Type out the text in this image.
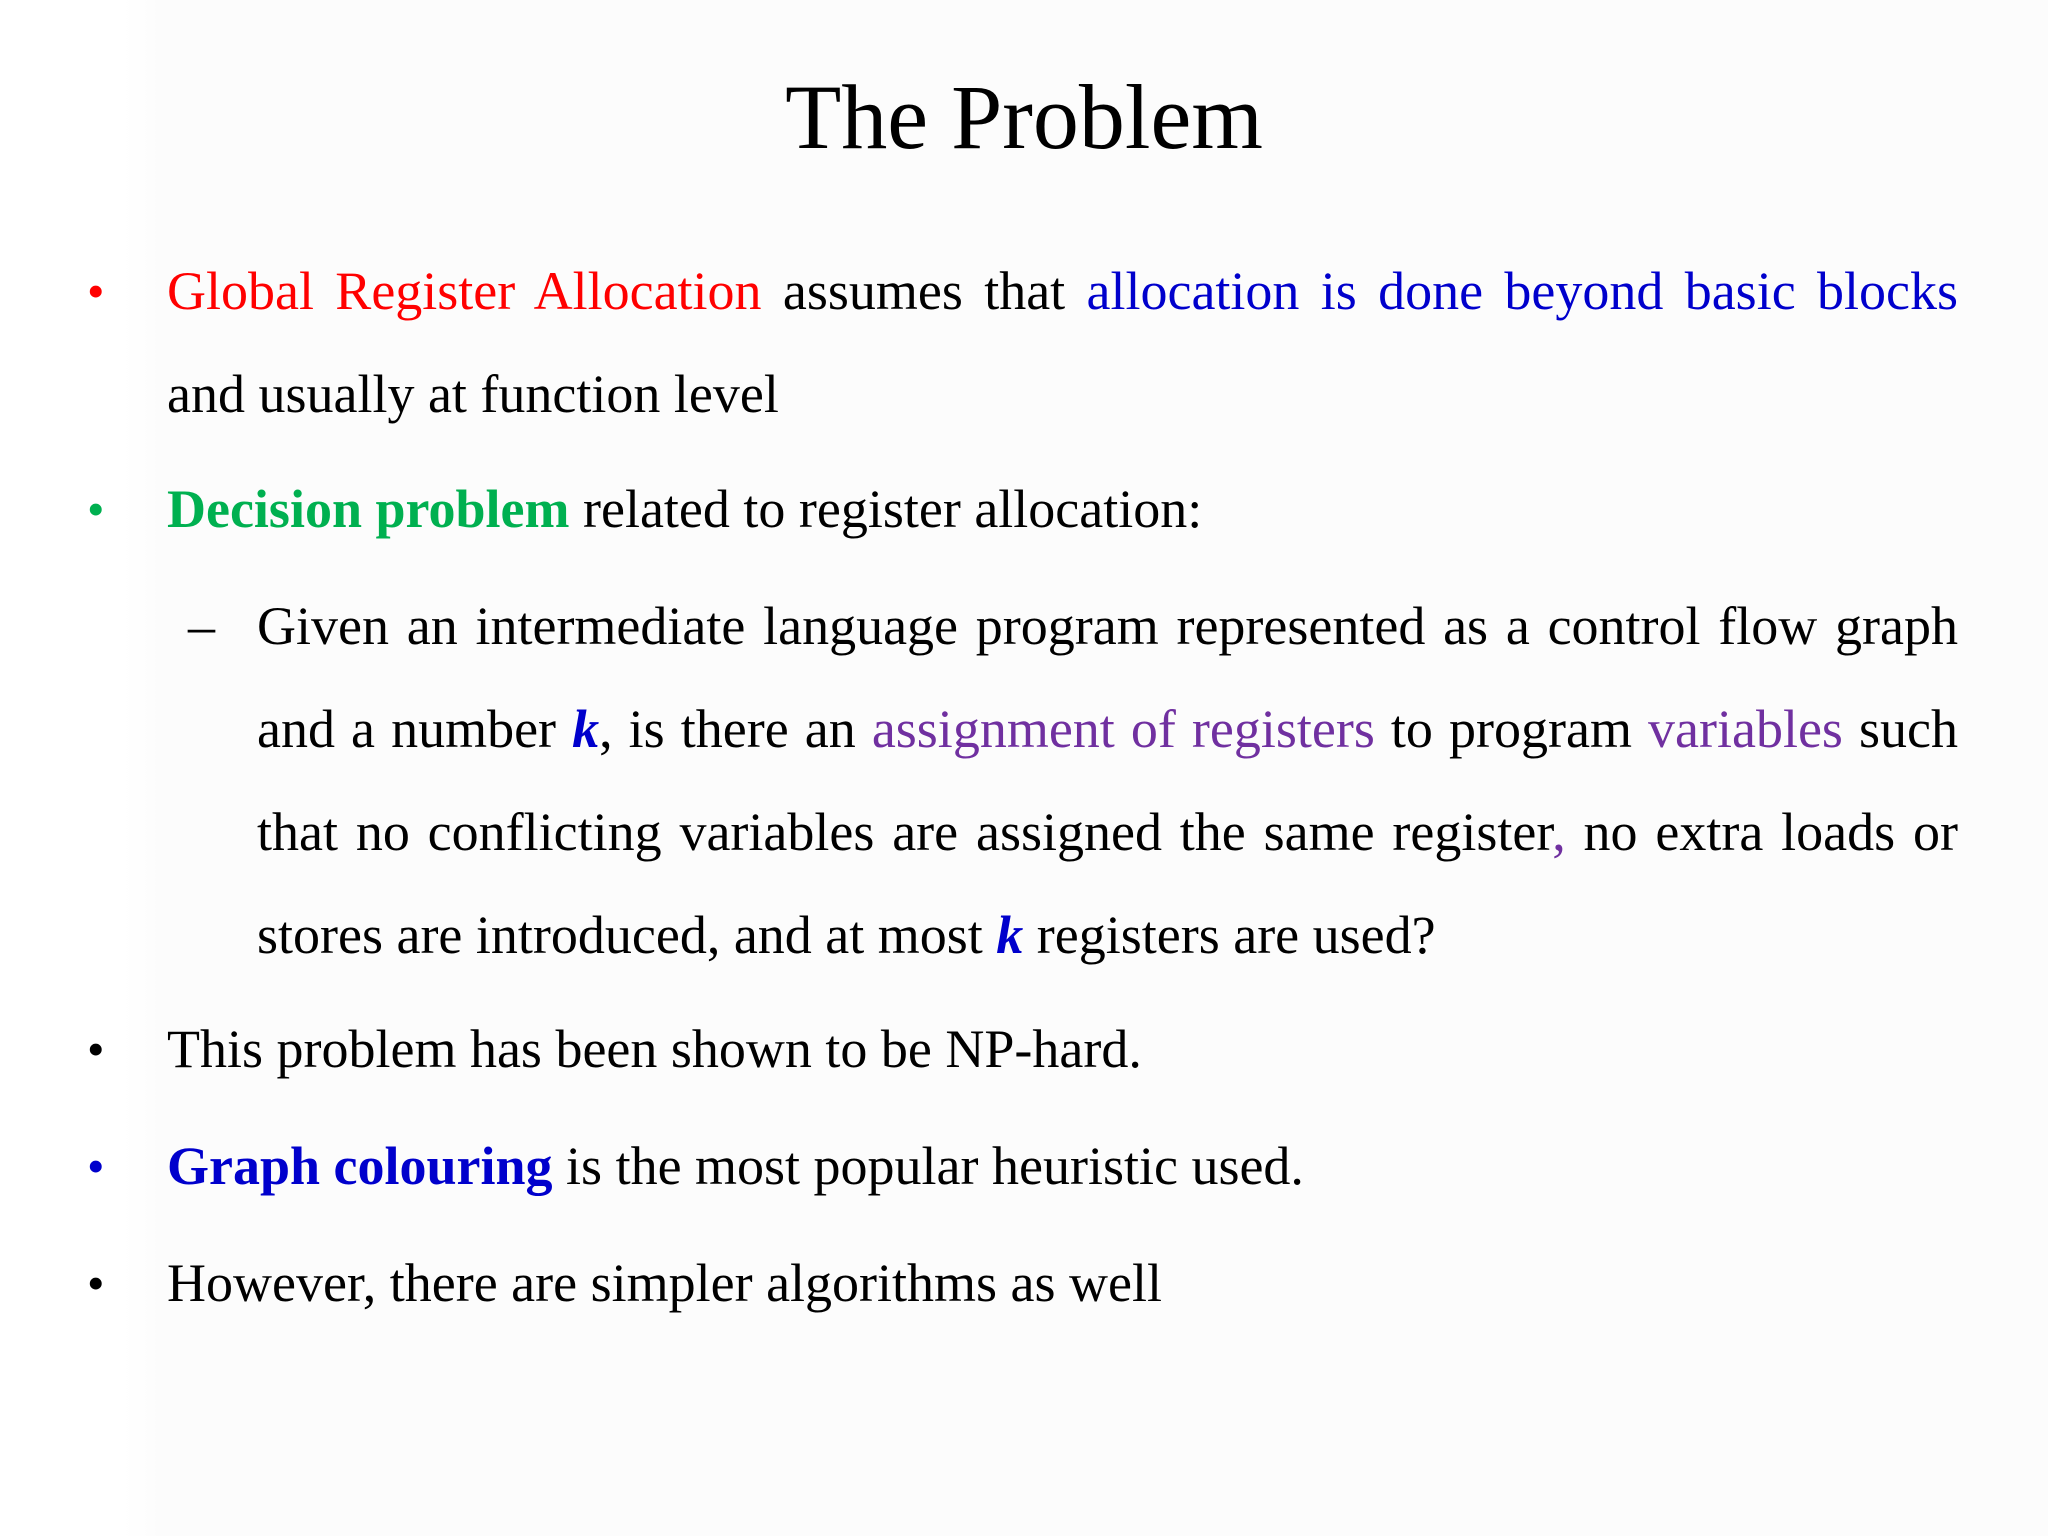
The Problem
• Global Register Allocation assumes that allocation is done beyond basic blocks and usually at function level
• Decision problem related to register allocation:
– Given an intermediate language program represented as a control flow graph and a number k, is there an assignment of registers to program variables such that no conflicting variables are assigned the same register, no extra loads or stores are introduced, and at most k registers are used?
• This problem has been shown to be NP-hard.
• Graph colouring is the most popular heuristic used.
• However, there are simpler algorithms as well
